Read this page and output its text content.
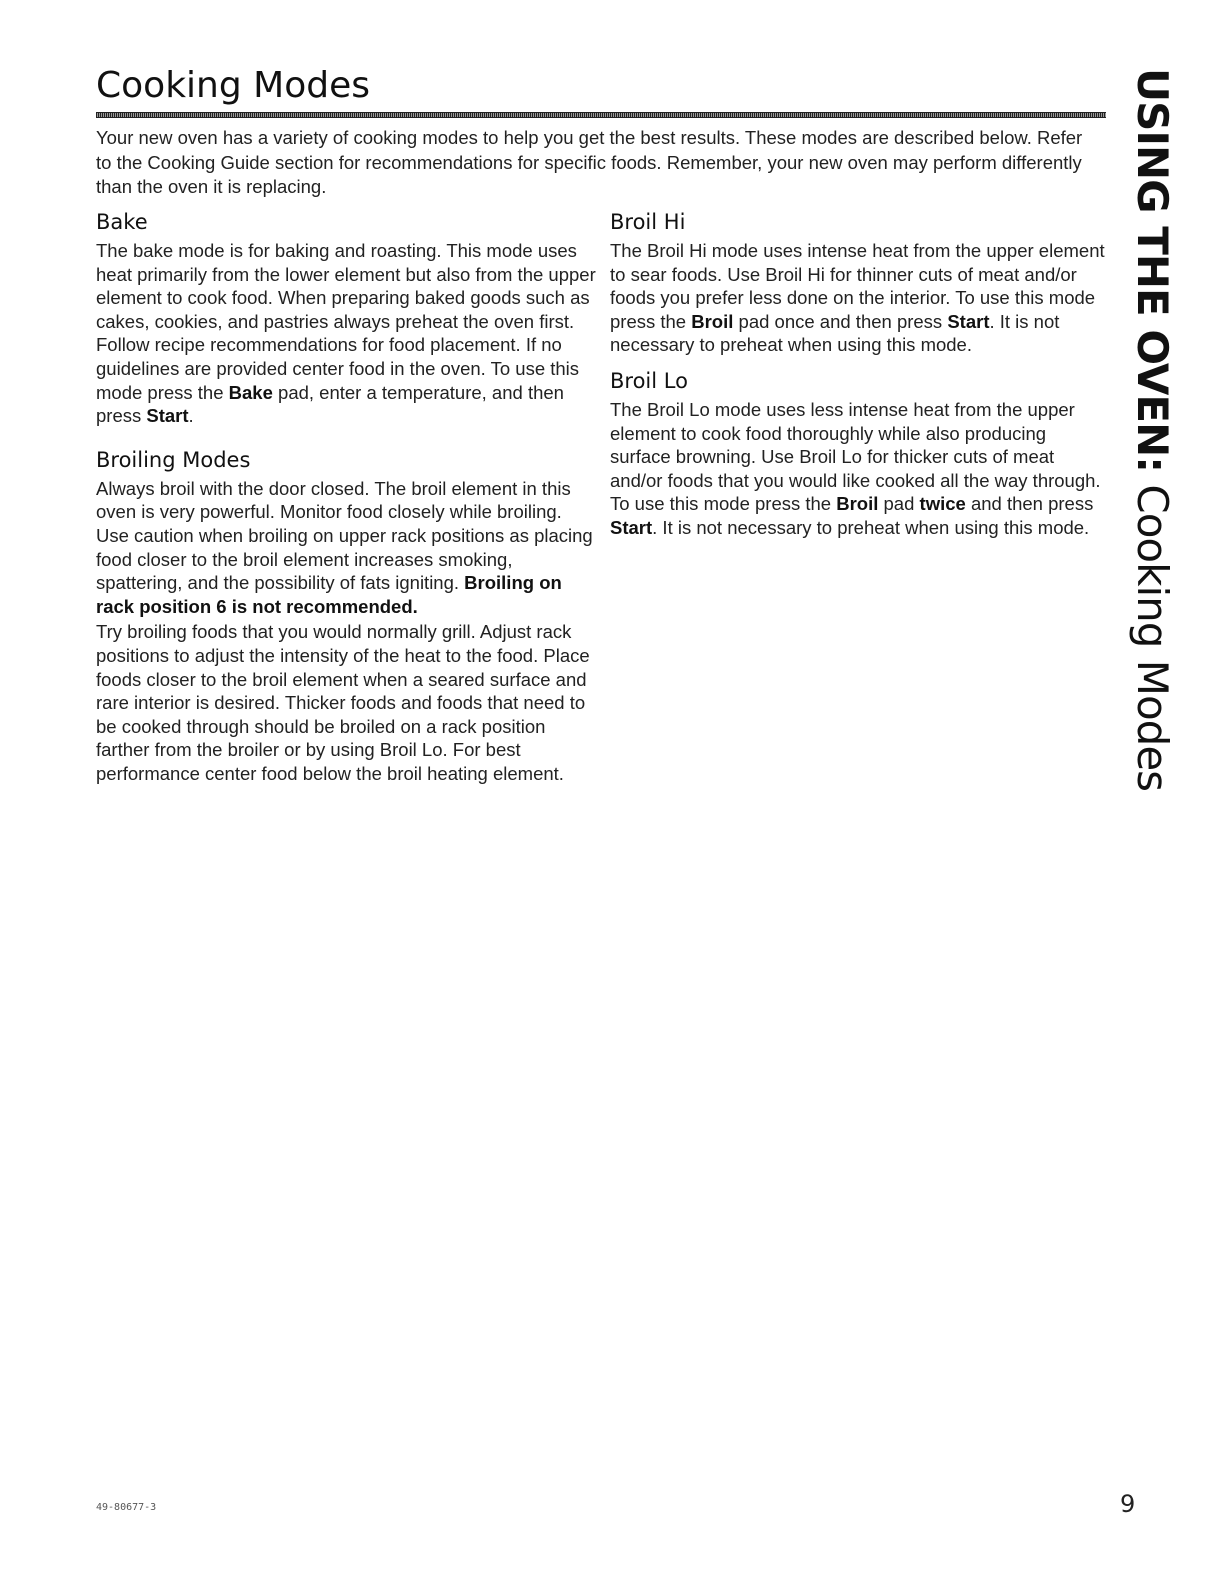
Cooking Modes

Your new oven has a variety of cooking modes to help you get the best results. These modes are described below. Refer to the Cooking Guide section for recommendations for specific foods. Remember, your new oven may perform differently than the oven it is replacing.

Bake

The bake mode is for baking and roasting. This mode uses heat primarily from the lower element but also from the upper element to cook food. When preparing baked goods such as cakes, cookies, and pastries always preheat the oven first. Follow recipe recommendations for food placement. If no guidelines are provided center food in the oven. To use this mode press the Bake pad, enter a temperature, and then press Start.

Broiling Modes

Always broil with the door closed. The broil element in this oven is very powerful. Monitor food closely while broiling. Use caution when broiling on upper rack positions as placing food closer to the broil element increases smoking, spattering, and the possibility of fats igniting. Broiling on rack position 6 is not recommended.

Try broiling foods that you would normally grill. Adjust rack positions to adjust the intensity of the heat to the food. Place foods closer to the broil element when a seared surface and rare interior is desired. Thicker foods and foods that need to be cooked through should be broiled on a rack position farther from the broiler or by using Broil Lo. For best performance center food below the broil heating element.

Broil Hi

The Broil Hi mode uses intense heat from the upper element to sear foods. Use Broil Hi for thinner cuts of meat and/or foods you prefer less done on the interior. To use this mode press the Broil pad once and then press Start. It is not necessary to preheat when using this mode.

Broil Lo

The Broil Lo mode uses less intense heat from the upper element to cook food thoroughly while also producing surface browning. Use Broil Lo for thicker cuts of meat and/or foods that you would like cooked all the way through. To use this mode press the Broil pad twice and then press Start. It is not necessary to preheat when using this mode.

USING THE OVEN: Cooking Modes
49-80677-3	9
